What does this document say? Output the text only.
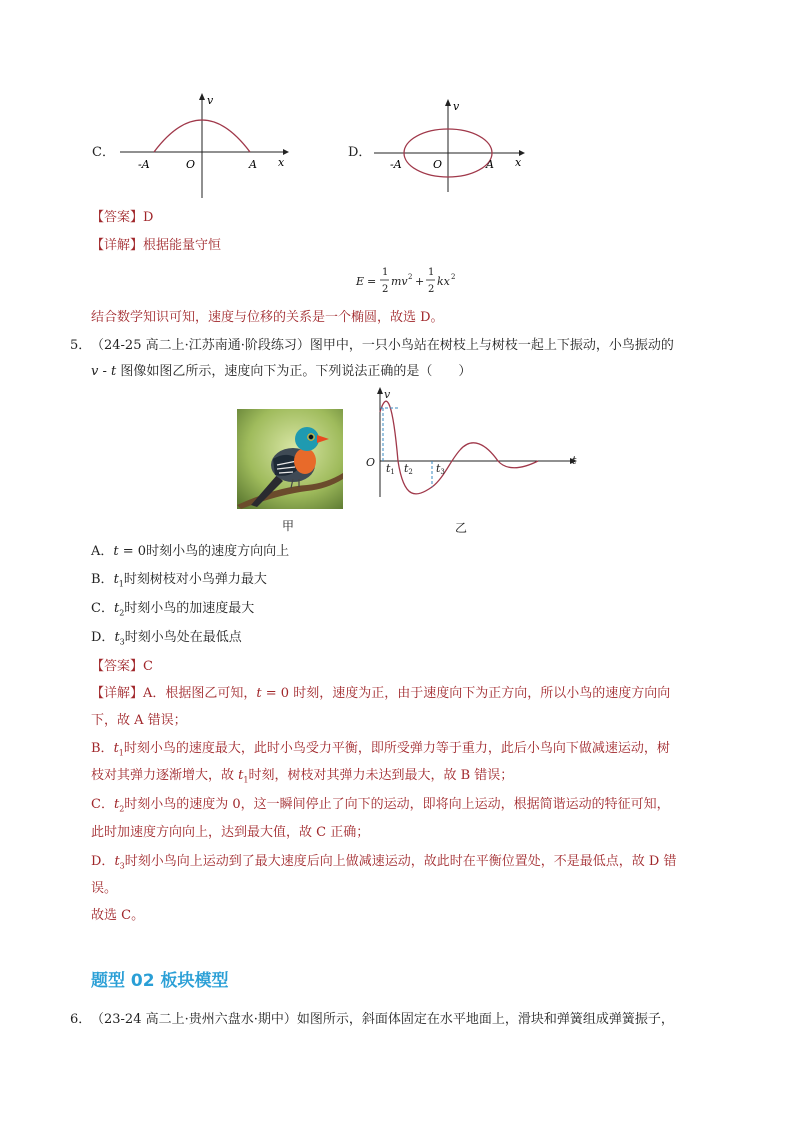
C．
v
x
-A	O	A
D．
v
x
-A	O	A
【答案】D
【详解】根据能量守恒
E =
1
2
mv 2 +
1
2
kx 2
结合数学知识可知，速度与位移的关系是一个椭圆，故选 D。
5． （24-25 高二上·江苏南通·阶段练习）图甲中，一只小鸟站在树枝上与树枝一起上下振动，小鸟振动的
v - t 图像如图乙所示，速度向下为正。下列说法正确的是（　　）
甲
v
t
O t1 t2 t3
乙
A．t = 0时刻小鸟的速度方向向上
B．$t_1$时刻树枝对小鸟弹力最大
C．$t_2$时刻小鸟的加速度最大
D．$t_3$时刻小鸟处在最低点
【答案】C
【详解】A．根据图乙可知，t = 0 时刻，速度为正，由于速度向下为正方向，所以小鸟的速度方向向
下，故 A 错误；
B．$t_1$时刻小鸟的速度最大，此时小鸟受力平衡，即所受弹力等于重力，此后小鸟向下做减速运动，树
枝对其弹力逐渐增大，故 $t_1$时刻，树枝对其弹力未达到最大，故 B 错误；
C．$t_2$时刻小鸟的速度为 0，这一瞬间停止了向下的运动，即将向上运动，根据简谐运动的特征可知，
此时加速度方向向上，达到最大值，故 C 正确；
D．$t_3$时刻小鸟向上运动到了最大速度后向上做减速运动，故此时在平衡位置处，不是最低点，故 D 错
误。
故选 C。
题型 02 板块模型
6． （23-24 高二上·贵州六盘水·期中）如图所示，斜面体固定在水平地面上，滑块和弹簧组成弹簧振子，
